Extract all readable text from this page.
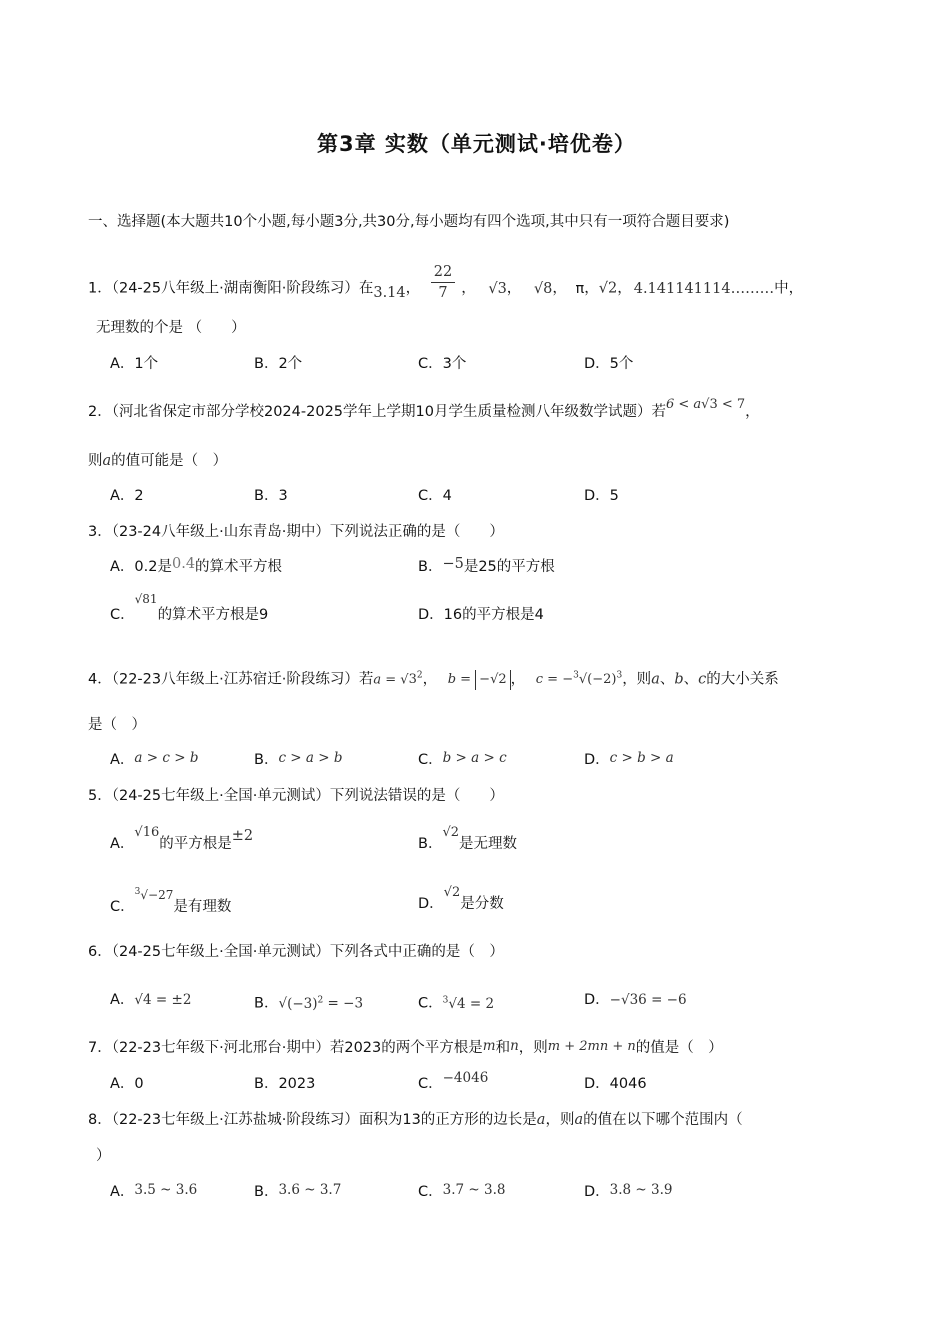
第3章 实数（单元测试·培优卷）
一、选择题(本大题共10个小题,每小题3分,共30分,每小题均有四个选项,其中只有一项符合题目要求)
1．（24-25八年级上·湖南衡阳·阶段练习）在3.14， $\frac{22}{7}$ ， √3， √8， π，√2， 4.141141114………中，
无理数的个是 （　　）
A．1个	B．2个	C．3个	D．5个
2．（河北省保定市部分学校2024-2025学年上学期10月学生质量检测八年级数学试题）若6 < a√3 < 7，
则a的值可能是（　）
A．2	B．3	C．4	D．5
3．（23-24八年级上·山东青岛·期中）下列说法正确的是（　　）
A．0.2是0.4的算术平方根	B．−5是25的平方根
C．$^{√81}$的算术平方根是9	D．16的平方根是4
4．（22-23八年级上·江苏宿迁·阶段练习）若$a = √3^2$， b = −√2 ， $c = -^3√(-2)^3$，则a、b、c的大小关系
是（　）
A．a > c > b	B．c > a > b	C．b > a > c	D．c > b > a
5．（24-25七年级上·全国·单元测试）下列说法错误的是（　　）
A．√16的平方根是±2	B．√2是无理数
C．$^{^3√-27}$是有理数	D．√2是分数
6．（24-25七年级上·全国·单元测试）下列各式中正确的是（　）
A．√4 = ±2	B．$√(-3)^2 = -3$	C．$^3$√4 = 2	D．−√36 = −6
7．（22-23七年级下·河北邢台·期中）若2023的两个平方根是m和n，则m + 2mn + n的值是（　）
A．0	B．2023	C．−4046	D．4046
8．（22-23七年级上·江苏盐城·阶段练习）面积为13的正方形的边长是a，则a的值在以下哪个范围内（
）
A．3.5 ~ 3.6	B．3.6 ~ 3.7	C．3.7 ~ 3.8	D．3.8 ~ 3.9
